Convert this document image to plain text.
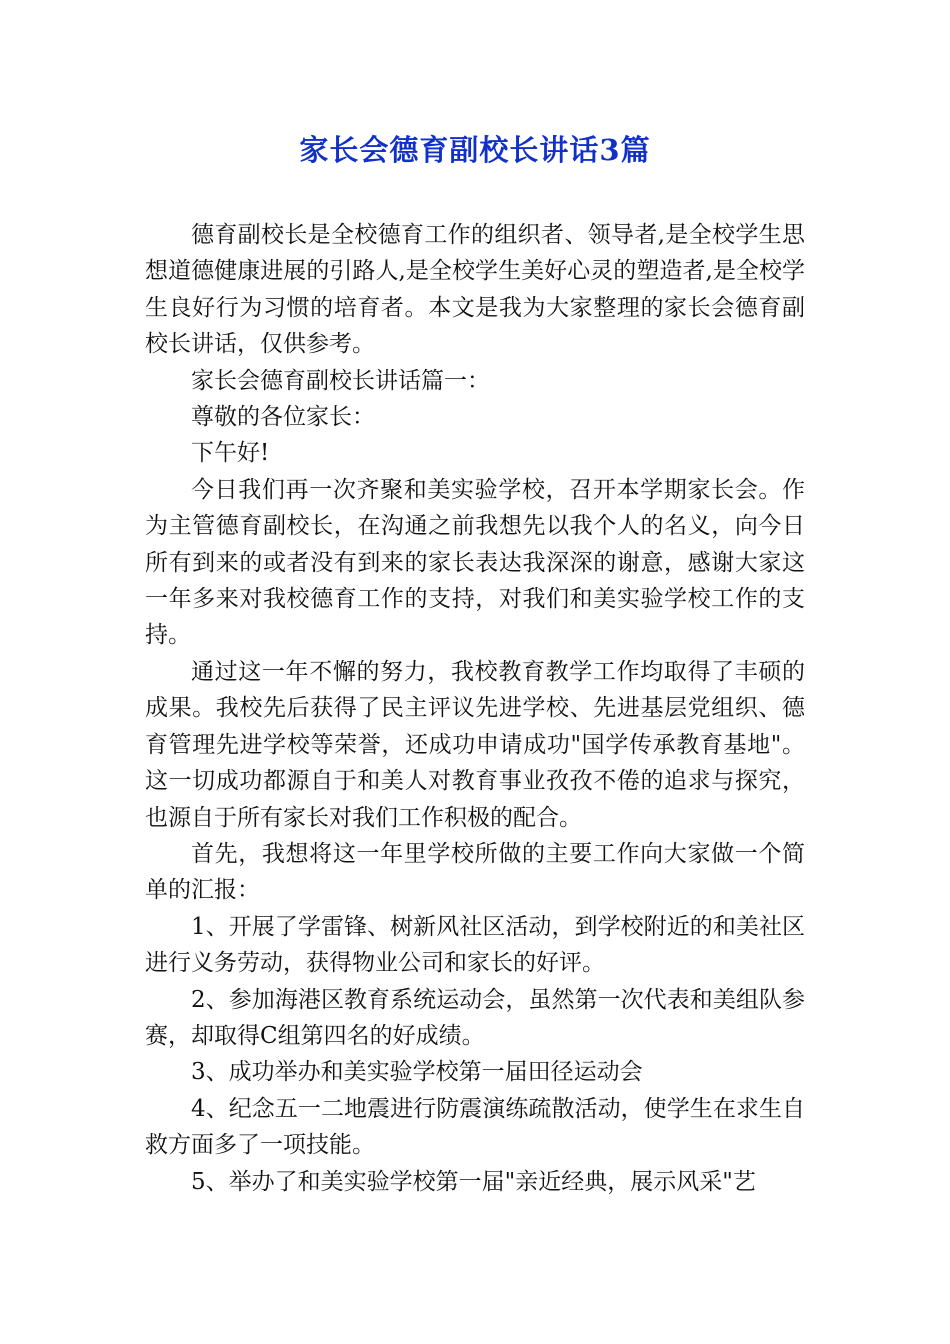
家长会德育副校长讲话3篇

德育副校长是全校德育工作的组织者、领导者,是全校学生思想道德健康进展的引路人,是全校学生美好心灵的塑造者,是全校学生良好行为习惯的培育者。本文是我为大家整理的家长会德育副校长讲话，仅供参考。

家长会德育副校长讲话篇一：

尊敬的各位家长：

下午好!

今日我们再一次齐聚和美实验学校，召开本学期家长会。作为主管德育副校长，在沟通之前我想先以我个人的名义，向今日所有到来的或者没有到来的家长表达我深深的谢意，感谢大家这一年多来对我校德育工作的支持，对我们和美实验学校工作的支持。

通过这一年不懈的努力，我校教育教学工作均取得了丰硕的成果。我校先后获得了民主评议先进学校、先进基层党组织、德育管理先进学校等荣誉，还成功申请成功"国学传承教育基地"。这一切成功都源自于和美人对教育事业孜孜不倦的追求与探究，也源自于所有家长对我们工作积极的配合。

首先，我想将这一年里学校所做的主要工作向大家做一个简单的汇报：

1、开展了学雷锋、树新风社区活动，到学校附近的和美社区进行义务劳动，获得物业公司和家长的好评。

2、参加海港区教育系统运动会，虽然第一次代表和美组队参赛，却取得C组第四名的好成绩。

3、成功举办和美实验学校第一届田径运动会

4、纪念五一二地震进行防震演练疏散活动，使学生在求生自救方面多了一项技能。

5、举办了和美实验学校第一届"亲近经典，展示风采"艺
